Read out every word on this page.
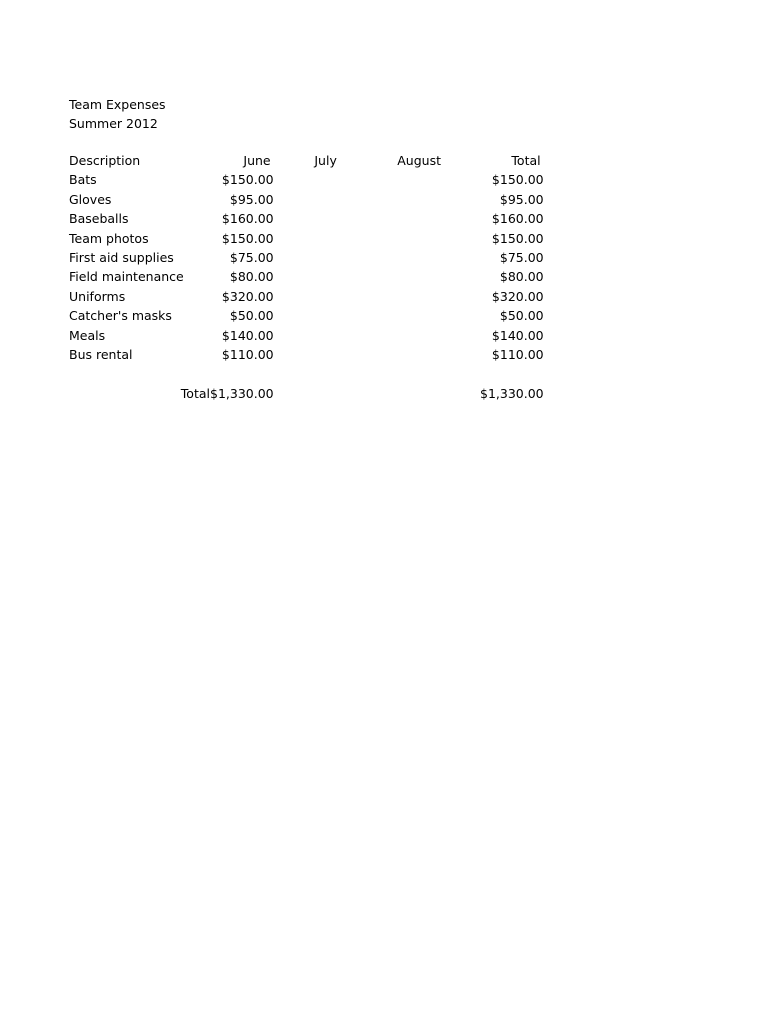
Team Expenses
Summer 2012
Description	June	July	August	Total
Bats	$150.00			$150.00
Gloves	$95.00			$95.00
Baseballs	$160.00			$160.00
Team photos	$150.00			$150.00
First aid supplies	$75.00			$75.00
Field maintenance	$80.00			$80.00
Uniforms	$320.00			$320.00
Catcher's masks	$50.00			$50.00
Meals	$140.00			$140.00
Bus rental	$110.00			$110.00

Total	$1,330.00			$1,330.00
